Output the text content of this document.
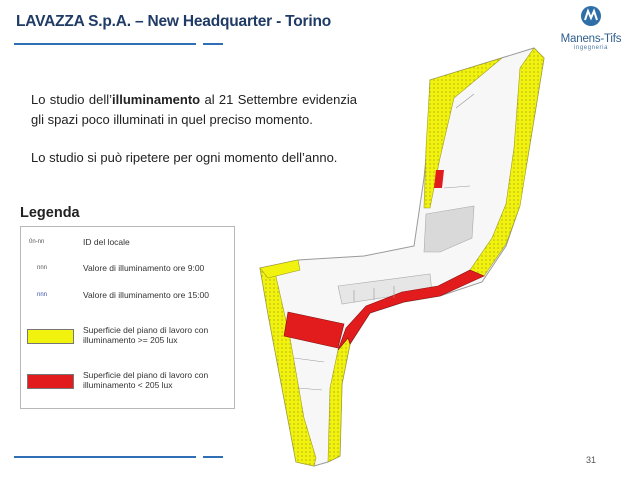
LAVAZZA S.p.A. – New Headquarter - Torino
Manens-Tifs
ingegneria
Lo studio dell’illuminamento al 21 Settembre evidenzia gli spazi poco illuminati in quel preciso momento.
Lo studio si può ripetere per ogni momento dell’anno.
Legenda
0n-nn	ID del locale
nnn	Valore di illuminamento ore 9:00
nnn	Valore di illuminamento ore 15:00
Superficie del piano di lavoro con illuminamento >= 205 lux
Superficie del piano di lavoro con illuminamento < 205 lux
31
